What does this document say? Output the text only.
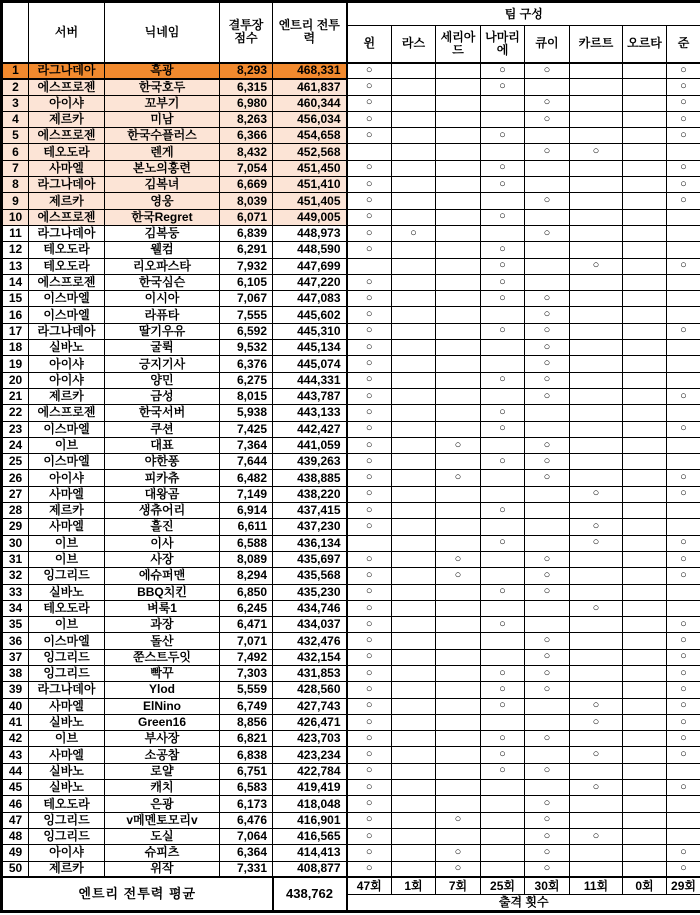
	서버	닉네임	결투장 점수	엔트리 전투력	팀 구성							
					윈	라스	세리아드	나마리에	큐이	카르트	오르타	준
1	라그나데아	흑광	8,293	468,331	○			○	○			○
2	에스프로젠	한국호두	6,315	461,837	○			○				○
3	아이샤	꼬부기	6,980	460,344	○				○			○
4	제르카	미남	8,263	456,034	○				○			○
5	에스프로젠	한국수플러스	6,366	454,658	○			○				○
6	테오도라	렌게	8,432	452,568					○	○		
7	사마엘	본노의홍련	7,054	451,450	○			○				○
8	라그나데아	김복녀	6,669	451,410	○			○				○
9	제르카	영웅	8,039	451,405	○				○			○
10	에스프로젠	한국Regret	6,071	449,005	○			○				
11	라그나데아	김복둥	6,839	448,973	○	○			○			
12	테오도라	웰컴	6,291	448,590	○			○				
13	테오도라	리오파스타	7,932	447,699				○		○		○
14	에스프로젠	한국심슨	6,105	447,220	○			○				
15	이스마엘	이시아	7,067	447,083	○			○	○			
16	이스마엘	라퓨타	7,555	445,602	○				○			
17	라그나데아	딸기우유	6,592	445,310	○			○	○			○
18	실바노	굴뤽	9,532	445,134	○				○			
19	아이샤	긍지기사	6,376	445,074	○				○			
20	아이샤	양민	6,275	444,331	○			○	○			
21	제르카	금성	8,015	443,787	○				○			○
22	에스프로젠	한국서버	5,938	443,133	○			○				
23	이스마엘	쿠션	7,425	442,427	○			○				○
24	이브	대표	7,364	441,059	○		○		○			
25	이스마엘	야한퐁	7,644	439,263	○			○	○			
26	아이샤	피카츄	6,482	438,885	○		○		○			○
27	사마엘	대왕곰	7,149	438,220	○					○		○
28	제르카	생츄어리	6,914	437,415	○			○				
29	사마엘	흘진	6,611	437,230	○					○		
30	이브	이사	6,588	436,134				○		○		○
31	이브	사장	8,089	435,697	○		○		○			○
32	잉그리드	에슈퍼맨	8,294	435,568	○		○		○			○
33	실바노	BBQ치킨	6,850	435,230	○			○	○			
34	테오도라	벼룩1	6,245	434,746	○					○		
35	이브	과장	6,471	434,037	○			○				○
36	이스마엘	돌산	7,071	432,476	○				○			○
37	잉그리드	쭌스트두잇	7,492	432,154	○				○			○
38	잉그리드	빡꾸	7,303	431,853	○			○	○			○
39	라그나데아	Ylod	5,559	428,560	○			○	○			○
40	사마엘	ElNino	6,749	427,743	○			○		○		○
41	실바노	Green16	8,856	426,471	○					○		○
42	이브	부사장	6,821	423,703	○			○	○			○
43	사마엘	소공참	6,838	423,234	○			○		○		○
44	실바노	로얄	6,751	422,784	○			○	○			
45	실바노	캐치	6,583	419,419	○					○		○
46	테오도라	은광	6,173	418,048	○				○			
47	잉그리드	v메멘토모리v	6,476	416,901	○		○		○			
48	잉그리드	도실	7,064	416,565	○				○	○		
49	아이샤	슈피츠	6,364	414,413	○		○		○			○
50	제르카	위작	7,331	408,877	○		○		○			○
엔트리 전투력 평균				438,762	47회	1회	7회	25회	30회	11회	0회	29회
					출격 횟수							
